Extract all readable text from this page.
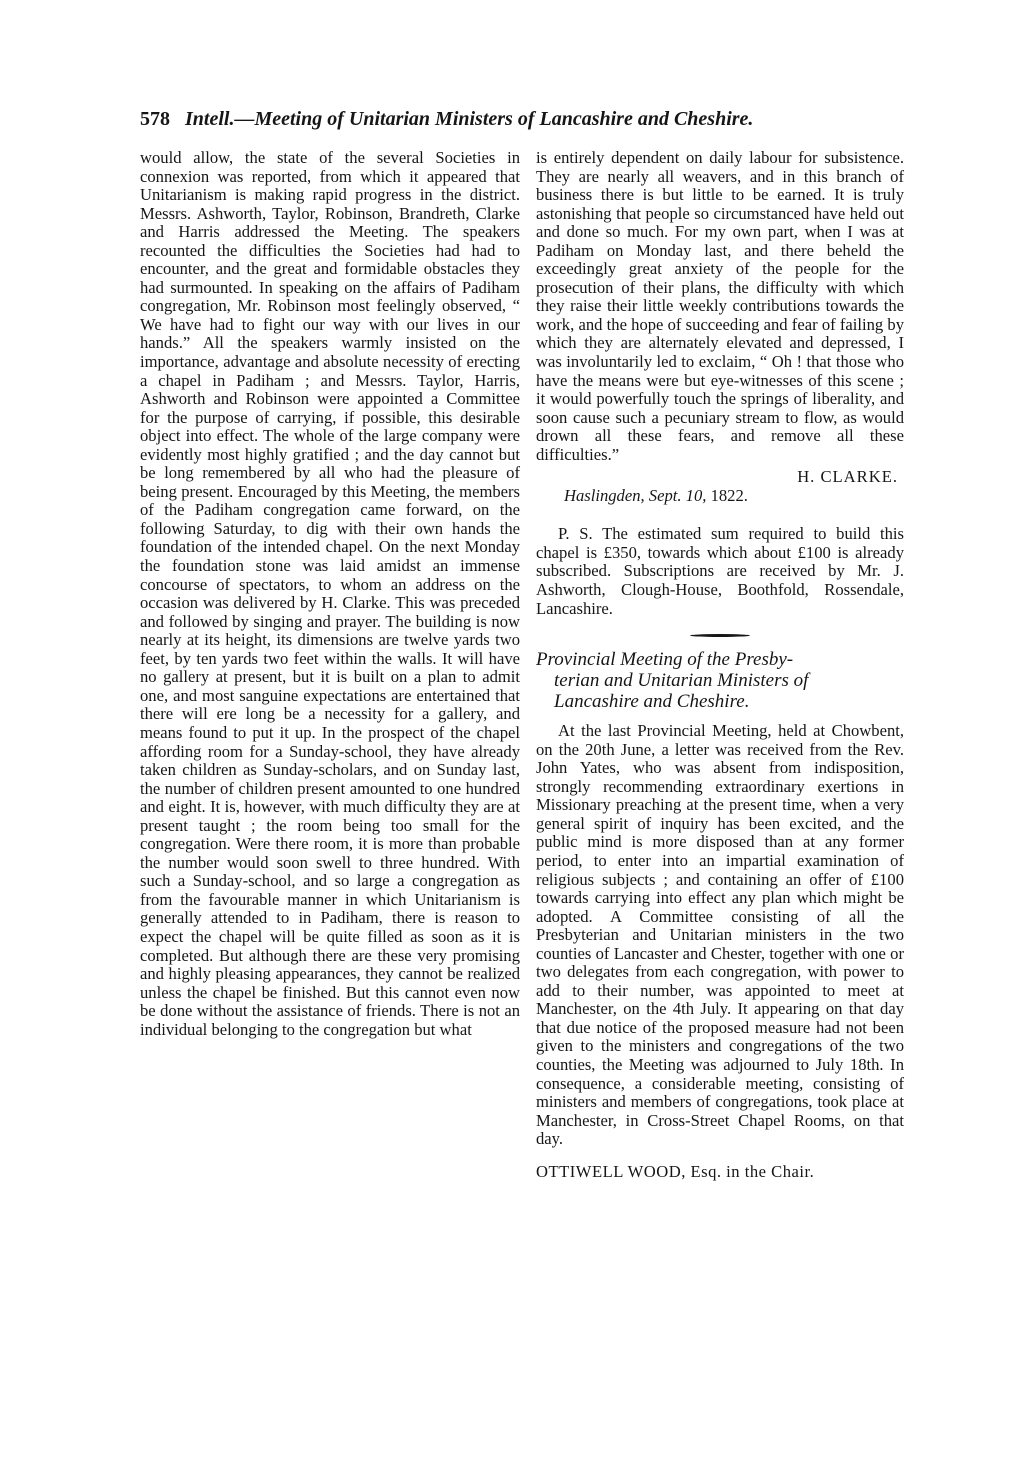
578 Intell.—Meeting of Unitarian Ministers of Lancashire and Cheshire.

would allow, the state of the several Societies in connexion was reported, from which it appeared that Unitarianism is making rapid progress in the district. Messrs. Ashworth, Taylor, Robinson, Brandreth, Clarke and Harris addressed the Meeting. The speakers recounted the difficulties the Societies had had to encounter, and the great and formidable obstacles they had surmounted. In speaking on the affairs of Padiham congregation, Mr. Robinson most feelingly observed, “ We have had to fight our way with our lives in our hands.” All the speakers warmly insisted on the importance, advantage and absolute necessity of erecting a chapel in Padiham ; and Messrs. Taylor, Harris, Ashworth and Robinson were appointed a Committee for the purpose of carrying, if possible, this desirable object into effect. The whole of the large company were evidently most highly gratified ; and the day cannot but be long remembered by all who had the pleasure of being present. Encouraged by this Meeting, the members of the Padiham congregation came forward, on the following Saturday, to dig with their own hands the foundation of the intended chapel. On the next Monday the foundation stone was laid amidst an immense concourse of spectators, to whom an address on the occasion was delivered by H. Clarke. This was preceded and followed by singing and prayer. The building is now nearly at its height, its dimensions are twelve yards two feet, by ten yards two feet within the walls. It will have no gallery at present, but it is built on a plan to admit one, and most sanguine expectations are entertained that there will ere long be a necessity for a gallery, and means found to put it up. In the prospect of the chapel affording room for a Sunday-school, they have already taken children as Sunday-scholars, and on Sunday last, the number of children present amounted to one hundred and eight. It is, however, with much difficulty they are at present taught ; the room being too small for the congregation. Were there room, it is more than probable the number would soon swell to three hundred. With such a Sunday-school, and so large a congregation as from the favourable manner in which Unitarianism is generally attended to in Padiham, there is reason to expect the chapel will be quite filled as soon as it is completed. But although there are these very promising and highly pleasing appearances, they cannot be realized unless the chapel be finished. But this cannot even now be done without the assistance of friends. There is not an individual belonging to the congregation but what

is entirely dependent on daily labour for subsistence. They are nearly all weavers, and in this branch of business there is but little to be earned. It is truly astonishing that people so circumstanced have held out and done so much. For my own part, when I was at Padiham on Monday last, and there beheld the exceedingly great anxiety of the people for the prosecution of their plans, the difficulty with which they raise their little weekly contributions towards the work, and the hope of succeeding and fear of failing by which they are alternately elevated and depressed, I was involuntarily led to exclaim, “ Oh ! that those who have the means were but eye-witnesses of this scene ; it would powerfully touch the springs of liberality, and soon cause such a pecuniary stream to flow, as would drown all these fears, and remove all these difficulties.”

H. CLARKE.

Haslingden, Sept. 10, 1822.

P. S. The estimated sum required to build this chapel is £350, towards which about £100 is already subscribed. Subscriptions are received by Mr. J. Ashworth, Clough-House, Boothfold, Rossendale, Lancashire.

Provincial Meeting of the Presby-
terian and Unitarian Ministers of
Lancashire and Cheshire.

At the last Provincial Meeting, held at Chowbent, on the 20th June, a letter was received from the Rev. John Yates, who was absent from indisposition, strongly recommending extraordinary exertions in Missionary preaching at the present time, when a very general spirit of inquiry has been excited, and the public mind is more disposed than at any former period, to enter into an impartial examination of religious subjects ; and containing an offer of £100 towards carrying into effect any plan which might be adopted. A Committee consisting of all the Presbyterian and Unitarian ministers in the two counties of Lancaster and Chester, together with one or two delegates from each congregation, with power to add to their number, was appointed to meet at Manchester, on the 4th July. It appearing on that day that due notice of the proposed measure had not been given to the ministers and congregations of the two counties, the Meeting was adjourned to July 18th. In consequence, a considerable meeting, consisting of ministers and members of congregations, took place at Manchester, in Cross-Street Chapel Rooms, on that day.

OTTIWELL WOOD, Esq. in the Chair.
